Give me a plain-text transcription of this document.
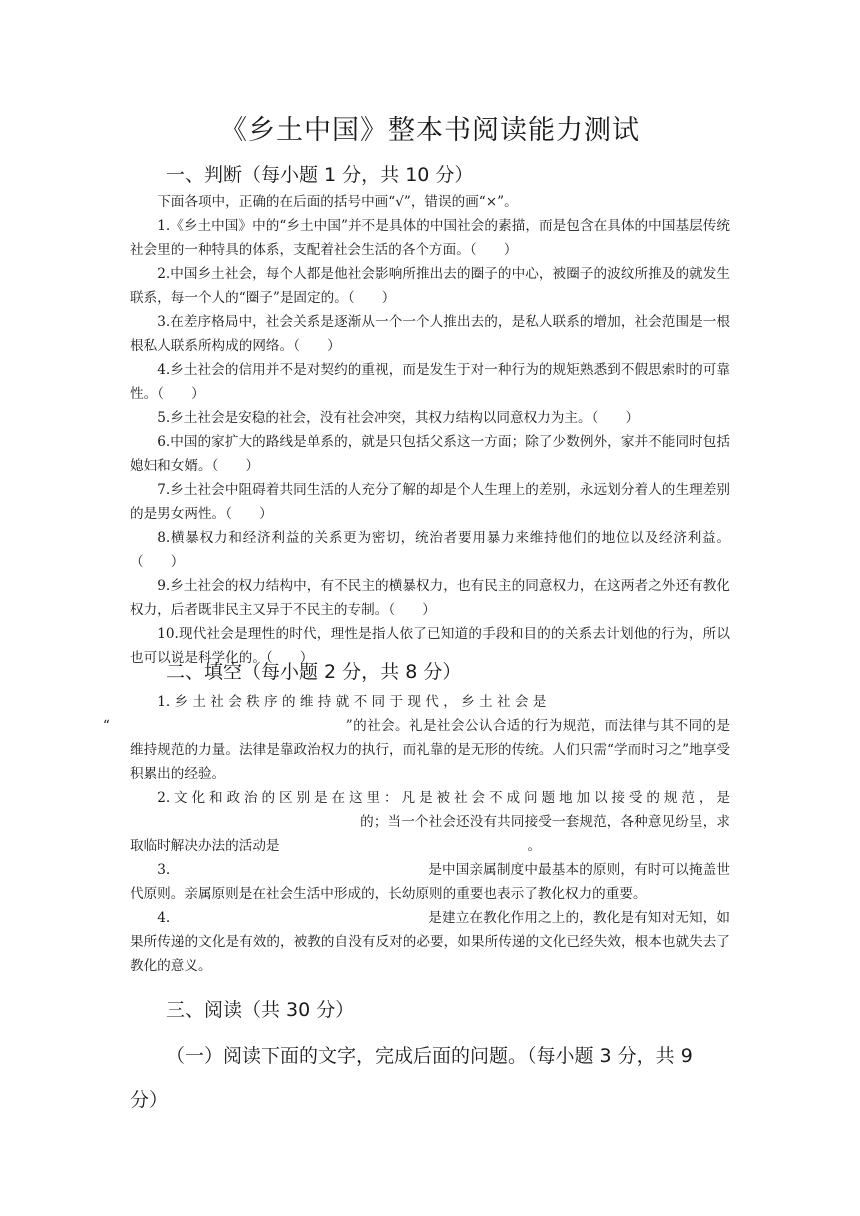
《乡土中国》整本书阅读能力测试
一、判断（每小题 1 分，共 10 分）

下面各项中，正确的在后面的括号中画“√”，错误的画“×”。

1.《乡土中国》中的“乡土中国”并不是具体的中国社会的素描，而是包含在具体的中国基层传统社会里的一种特具的体系，支配着社会生活的各个方面。（　　）

2.中国乡土社会，每个人都是他社会影响所推出去的圈子的中心，被圈子的波纹所推及的就发生联系，每一个人的“圈子”是固定的。（　　）

3.在差序格局中，社会关系是逐渐从一个一个人推出去的，是私人联系的增加，社会范围是一根根私人联系所构成的网络。（　　）

4.乡土社会的信用并不是对契约的重视，而是发生于对一种行为的规矩熟悉到不假思索时的可靠性。（　　）

5.乡土社会是安稳的社会，没有社会冲突，其权力结构以同意权力为主。（　　）

6.中国的家扩大的路线是单系的，就是只包括父系这一方面；除了少数例外，家并不能同时包括媳妇和女婿。（　　）

7.乡土社会中阻碍着共同生活的人充分了解的却是个人生理上的差别，永远划分着人的生理差别的是男女两性。（　　）

8.横暴权力和经济利益的关系更为密切，统治者要用暴力来维持他们的地位以及经济利益。（　　）

9.乡土社会的权力结构中，有不民主的横暴权力，也有民主的同意权力，在这两者之外还有教化权力，后者既非民主又异于不民主的专制。（　　）

10.现代社会是理性的时代，理性是指人依了已知道的手段和目的的关系去计划他的行为，所以也可以说是科学化的。（　　）

二、填空（每小题 2 分，共 8 分）

1. 乡 土 社 会 秩 序 的 维 持 就 不 同 于 现 代 ， 乡 土 社 会 是
“	”的社会。礼是社会公认合适的行为规范，而法律与其不同的是维持规范的力量。法律是靠政治权力的执行，而礼靠的是无形的传统。人们只需“学而时习之”地享受积累出的经验。

2.文化和政治的区别是在这里：凡是被社会不成问题地加以接受的规范，是的；当一个社会还没有共同接受一套规范，各种意见纷呈，求取临时解决办法的活动是	。

3.	是中国亲属制度中最基本的原则，有时可以掩盖世代原则。亲属原则是在社会生活中形成的，长幼原则的重要也表示了教化权力的重要。

4.	是建立在教化作用之上的，教化是有知对无知，如果所传递的文化是有效的，被教的自没有反对的必要，如果所传递的文化已经失效，根本也就失去了教化的意义。

三、阅读（共 30 分）
（一）阅读下面的文字，完成后面的问题。（每小题 3 分，共 9
分）
